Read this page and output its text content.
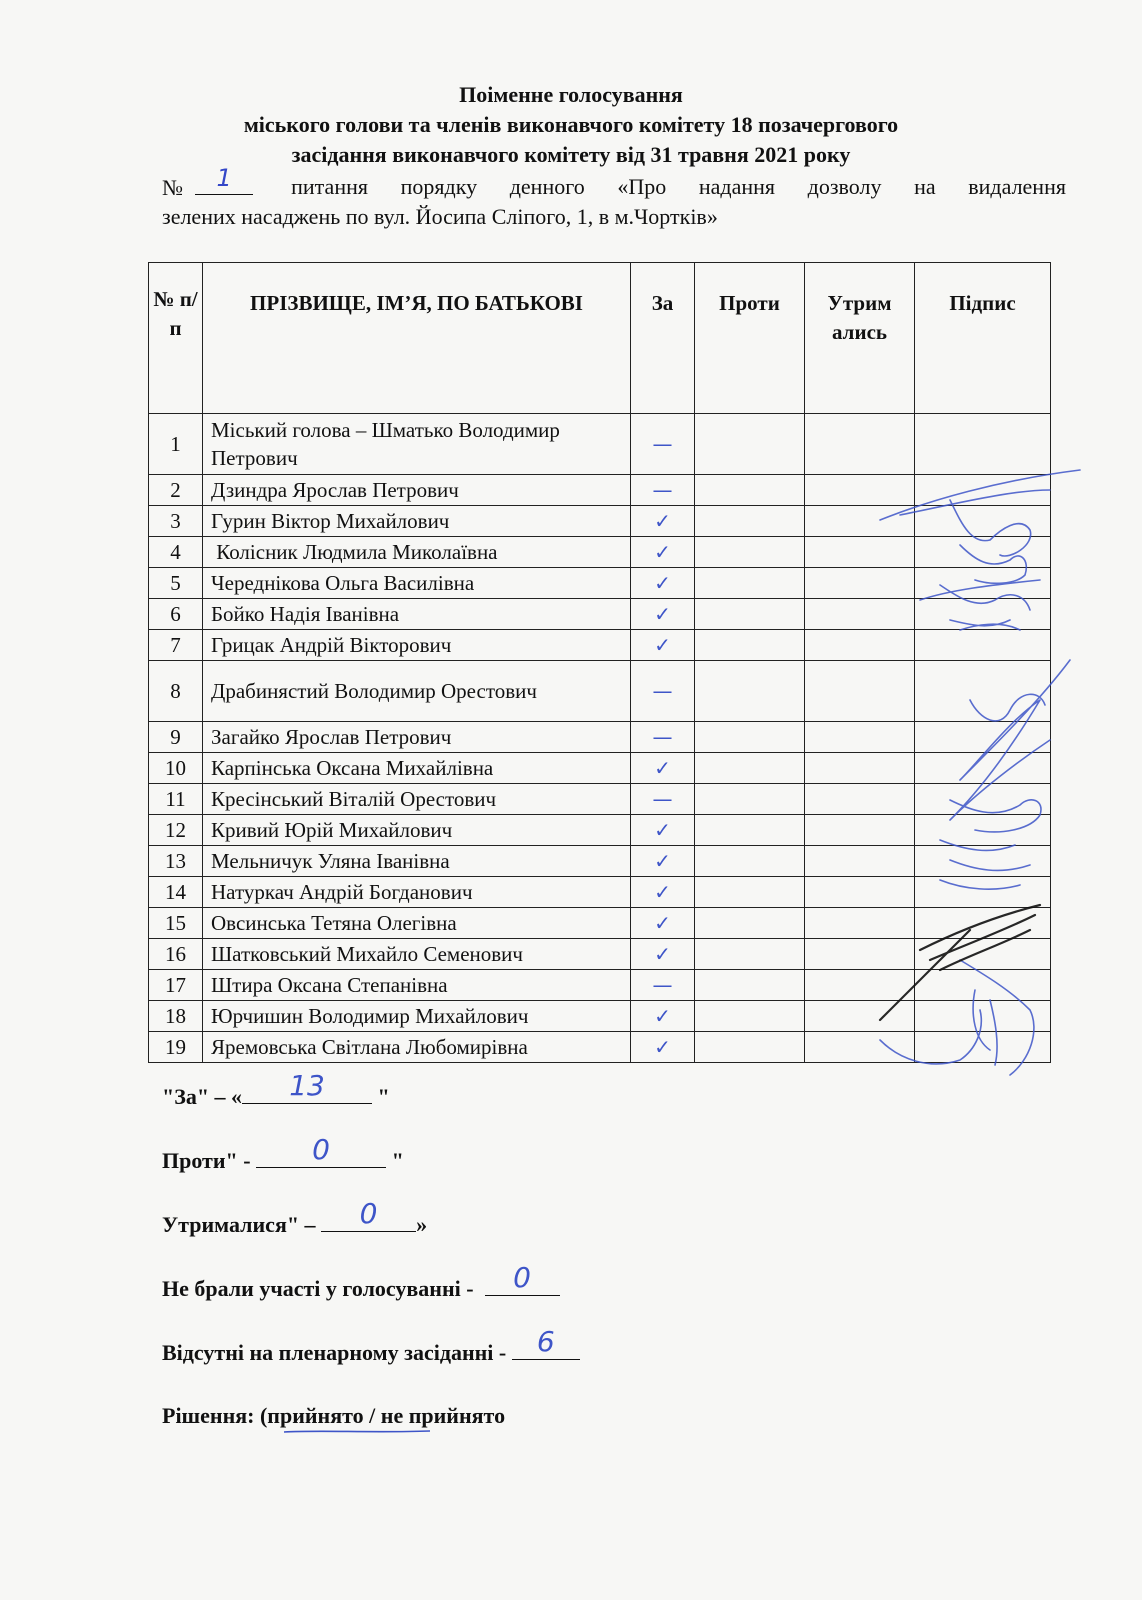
Поіменне голосування
міського голови та членів виконавчого комітету 18 позачергового
засідання виконавчого комітету від 31 травня 2021 року
№ 1	питання порядку денного «Про надання дозволу на видалення
зелених насаджень по вул. Йосипа Сліпого, 1, в м.Чортків»
№ п/п	ПРІЗВИЩЕ, ІМ’Я, ПО БАТЬКОВІ	За	Проти	Утрим ались	Підпис
1	Міський голова – Шматько Володимир Петрович	—			
2	Дзиндра Ярослав Петрович	—			
3	Гурин Віктор Михайлович	✓			
4	Колісник Людмила Миколаївна	✓			
5	Череднікова Ольга Василівна	✓			
6	Бойко Надія Іванівна	✓			
7	Грицак Андрій Вікторович	✓			
8	Драбинястий Володимир Орестович	—			
9	Загайко Ярослав Петрович	—			
10	Карпінська Оксана Михайлівна	✓			
11	Кресінський Віталій Орестович	—			
12	Кривий Юрій Михайлович	✓			
13	Мельничук Уляна Іванівна	✓			
14	Натуркач Андрій Богданович	✓			
15	Овсинська Тетяна Олегівна	✓			
16	Шатковський Михайло Семенович	✓			
17	Штира Оксана Степанівна	—			
18	Юрчишин Володимир Михайлович	✓			
19	Яремовська Світлана Любомирівна	✓			
"За" – «	13	"
Проти" -	0	"
Утрималися" –	0	»
Не брали участі у голосуванні -	0
Відсутні на пленарному засіданні - 6
Рішення: (прийнято / не прийнято
